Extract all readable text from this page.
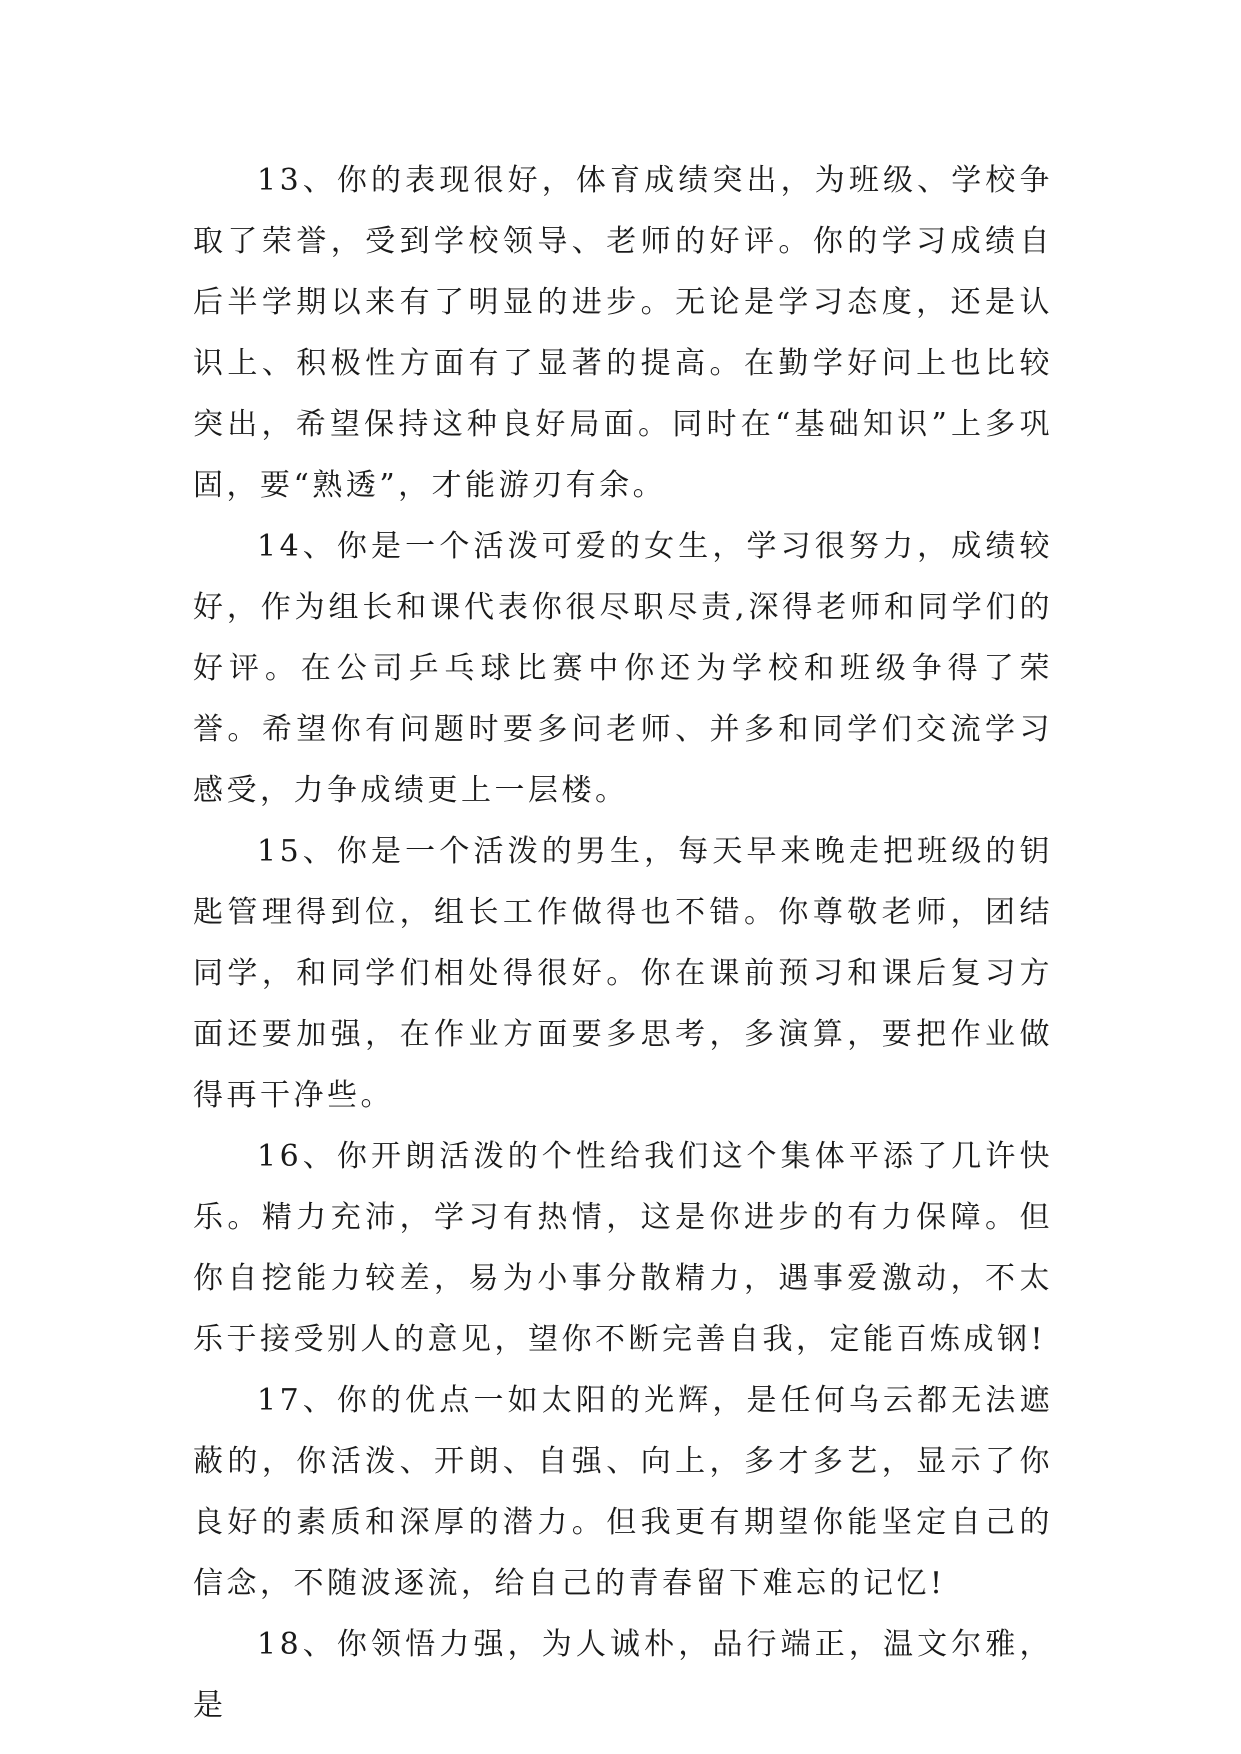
13、你的表现很好，体育成绩突出，为班级、学校争取了荣誉，受到学校领导、老师的好评。你的学习成绩自后半学期以来有了明显的进步。无论是学习态度，还是认识上、积极性方面有了显著的提高。在勤学好问上也比较突出，希望保持这种良好局面。同时在“基础知识”上多巩固，要“熟透”，才能游刃有余。

14、你是一个活泼可爱的女生，学习很努力，成绩较好，作为组长和课代表你很尽职尽责,深得老师和同学们的好评。在公司乒乓球比赛中你还为学校和班级争得了荣誉。希望你有问题时要多问老师、并多和同学们交流学习感受，力争成绩更上一层楼。

15、你是一个活泼的男生，每天早来晚走把班级的钥匙管理得到位，组长工作做得也不错。你尊敬老师，团结同学，和同学们相处得很好。你在课前预习和课后复习方面还要加强，在作业方面要多思考，多演算，要把作业做得再干净些。

16、你开朗活泼的个性给我们这个集体平添了几许快乐。精力充沛，学习有热情，这是你进步的有力保障。但你自挖能力较差，易为小事分散精力，遇事爱激动，不太乐于接受别人的意见，望你不断完善自我，定能百炼成钢!

17、你的优点一如太阳的光辉，是任何乌云都无法遮蔽的，你活泼、开朗、自强、向上，多才多艺，显示了你良好的素质和深厚的潜力。但我更有期望你能坚定自己的信念，不随波逐流，给自己的青春留下难忘的记忆!

18、你领悟力强，为人诚朴，品行端正，温文尔雅，是
